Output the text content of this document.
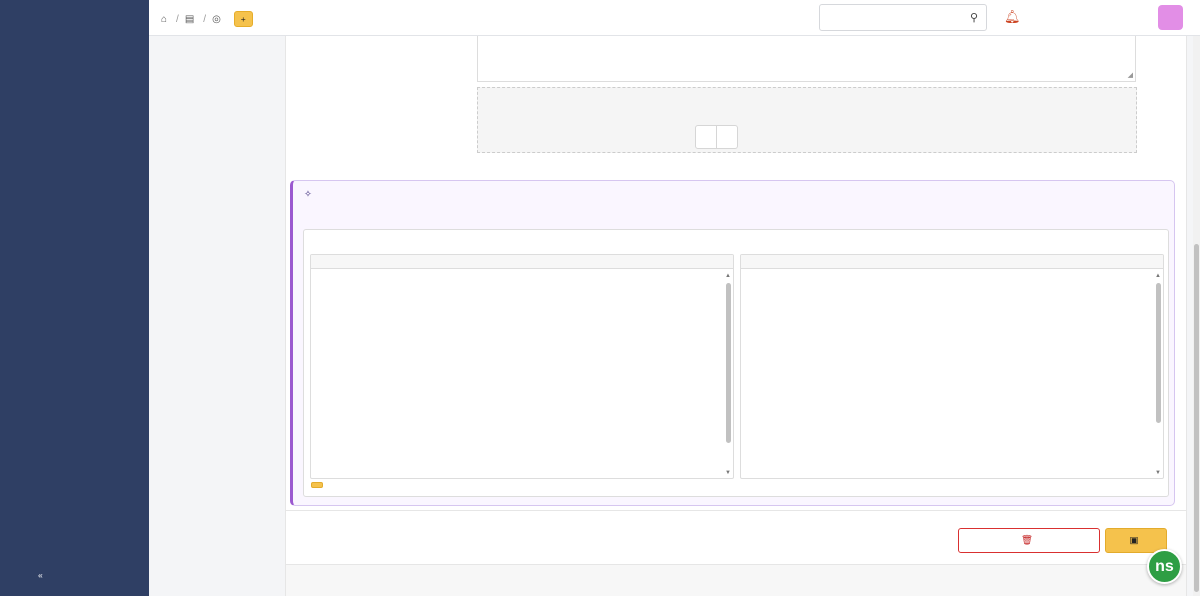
«
⌂ / ▤ / ◎	+	⚲ 🔔︎
◢
✧
▲
▼
▲
▼
🗑︎	▣
ns
